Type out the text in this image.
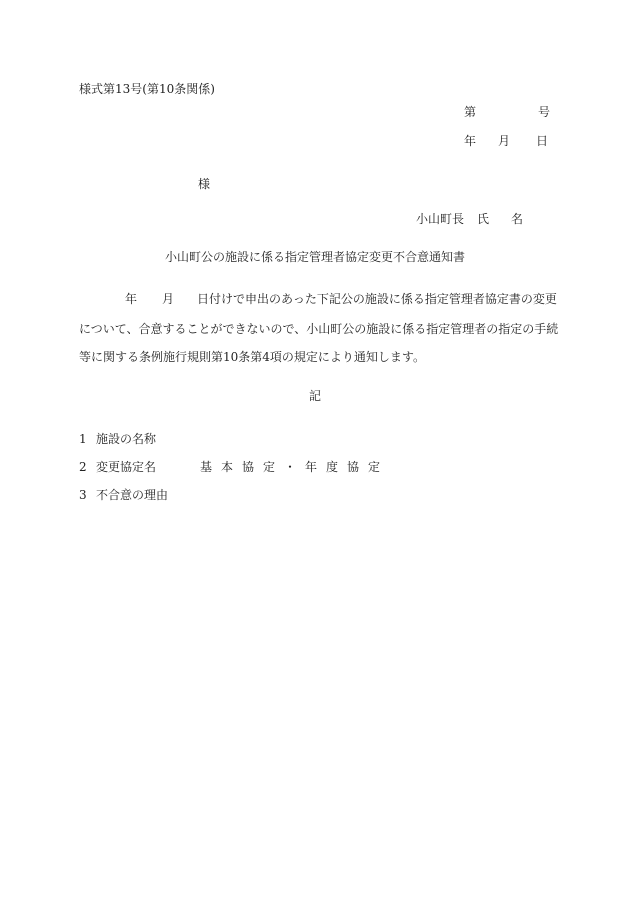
様式第13号(第10条関係)
第	号
年 月 日
様
小山町長 氏 名
小山町公の施設に係る指定管理者協定変更不合意通知書
年 月 日付けで申出のあった下記公の施設に係る指定管理者協定書の変更
について、合意することができないので、小山町公の施設に係る指定管理者の指定の手続
等に関する条例施行規則第10条第4項の規定により通知します。
記
1 施設の名称
2 変更協定名	基本協定・年度協定
3 不合意の理由
